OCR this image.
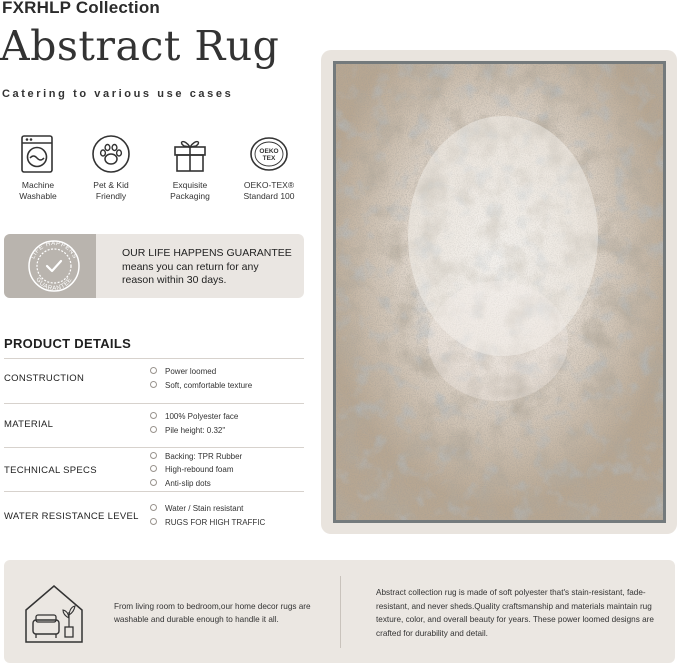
FXRHLP Collection
Abstract Rug
Catering to various use cases
Machine
Washable
Pet & Kid
Friendly
Exquisite
Packaging
OEKO
TEX
OEKO-TEX®
Standard 100
LIFE HAPPENS
GUARANTEE
OUR LIFE HAPPENS GUARANTEE
means you can return for any reason within 30 days.
PRODUCT DETAILS
CONSTRUCTION
Power loomed
Soft, comfortable texture
MATERIAL
100% Polyester face
Pile height: 0.32"
TECHNICAL SPECS
Backing: TPR Rubber
High-rebound foam
Anti-slip dots
WATER RESISTANCE LEVEL
Water / Stain resistant
RUGS FOR HIGH TRAFFIC
From living room to bedroom,our home decor rugs are washable and durable enough to handle it all.
Abstract collection rug is made of soft polyester that's stain-resistant, fade-resistant, and never sheds.Quality craftsmanship and materials maintain rug texture, color, and overall beauty for years. These power loomed designs are crafted for durability and detail.
